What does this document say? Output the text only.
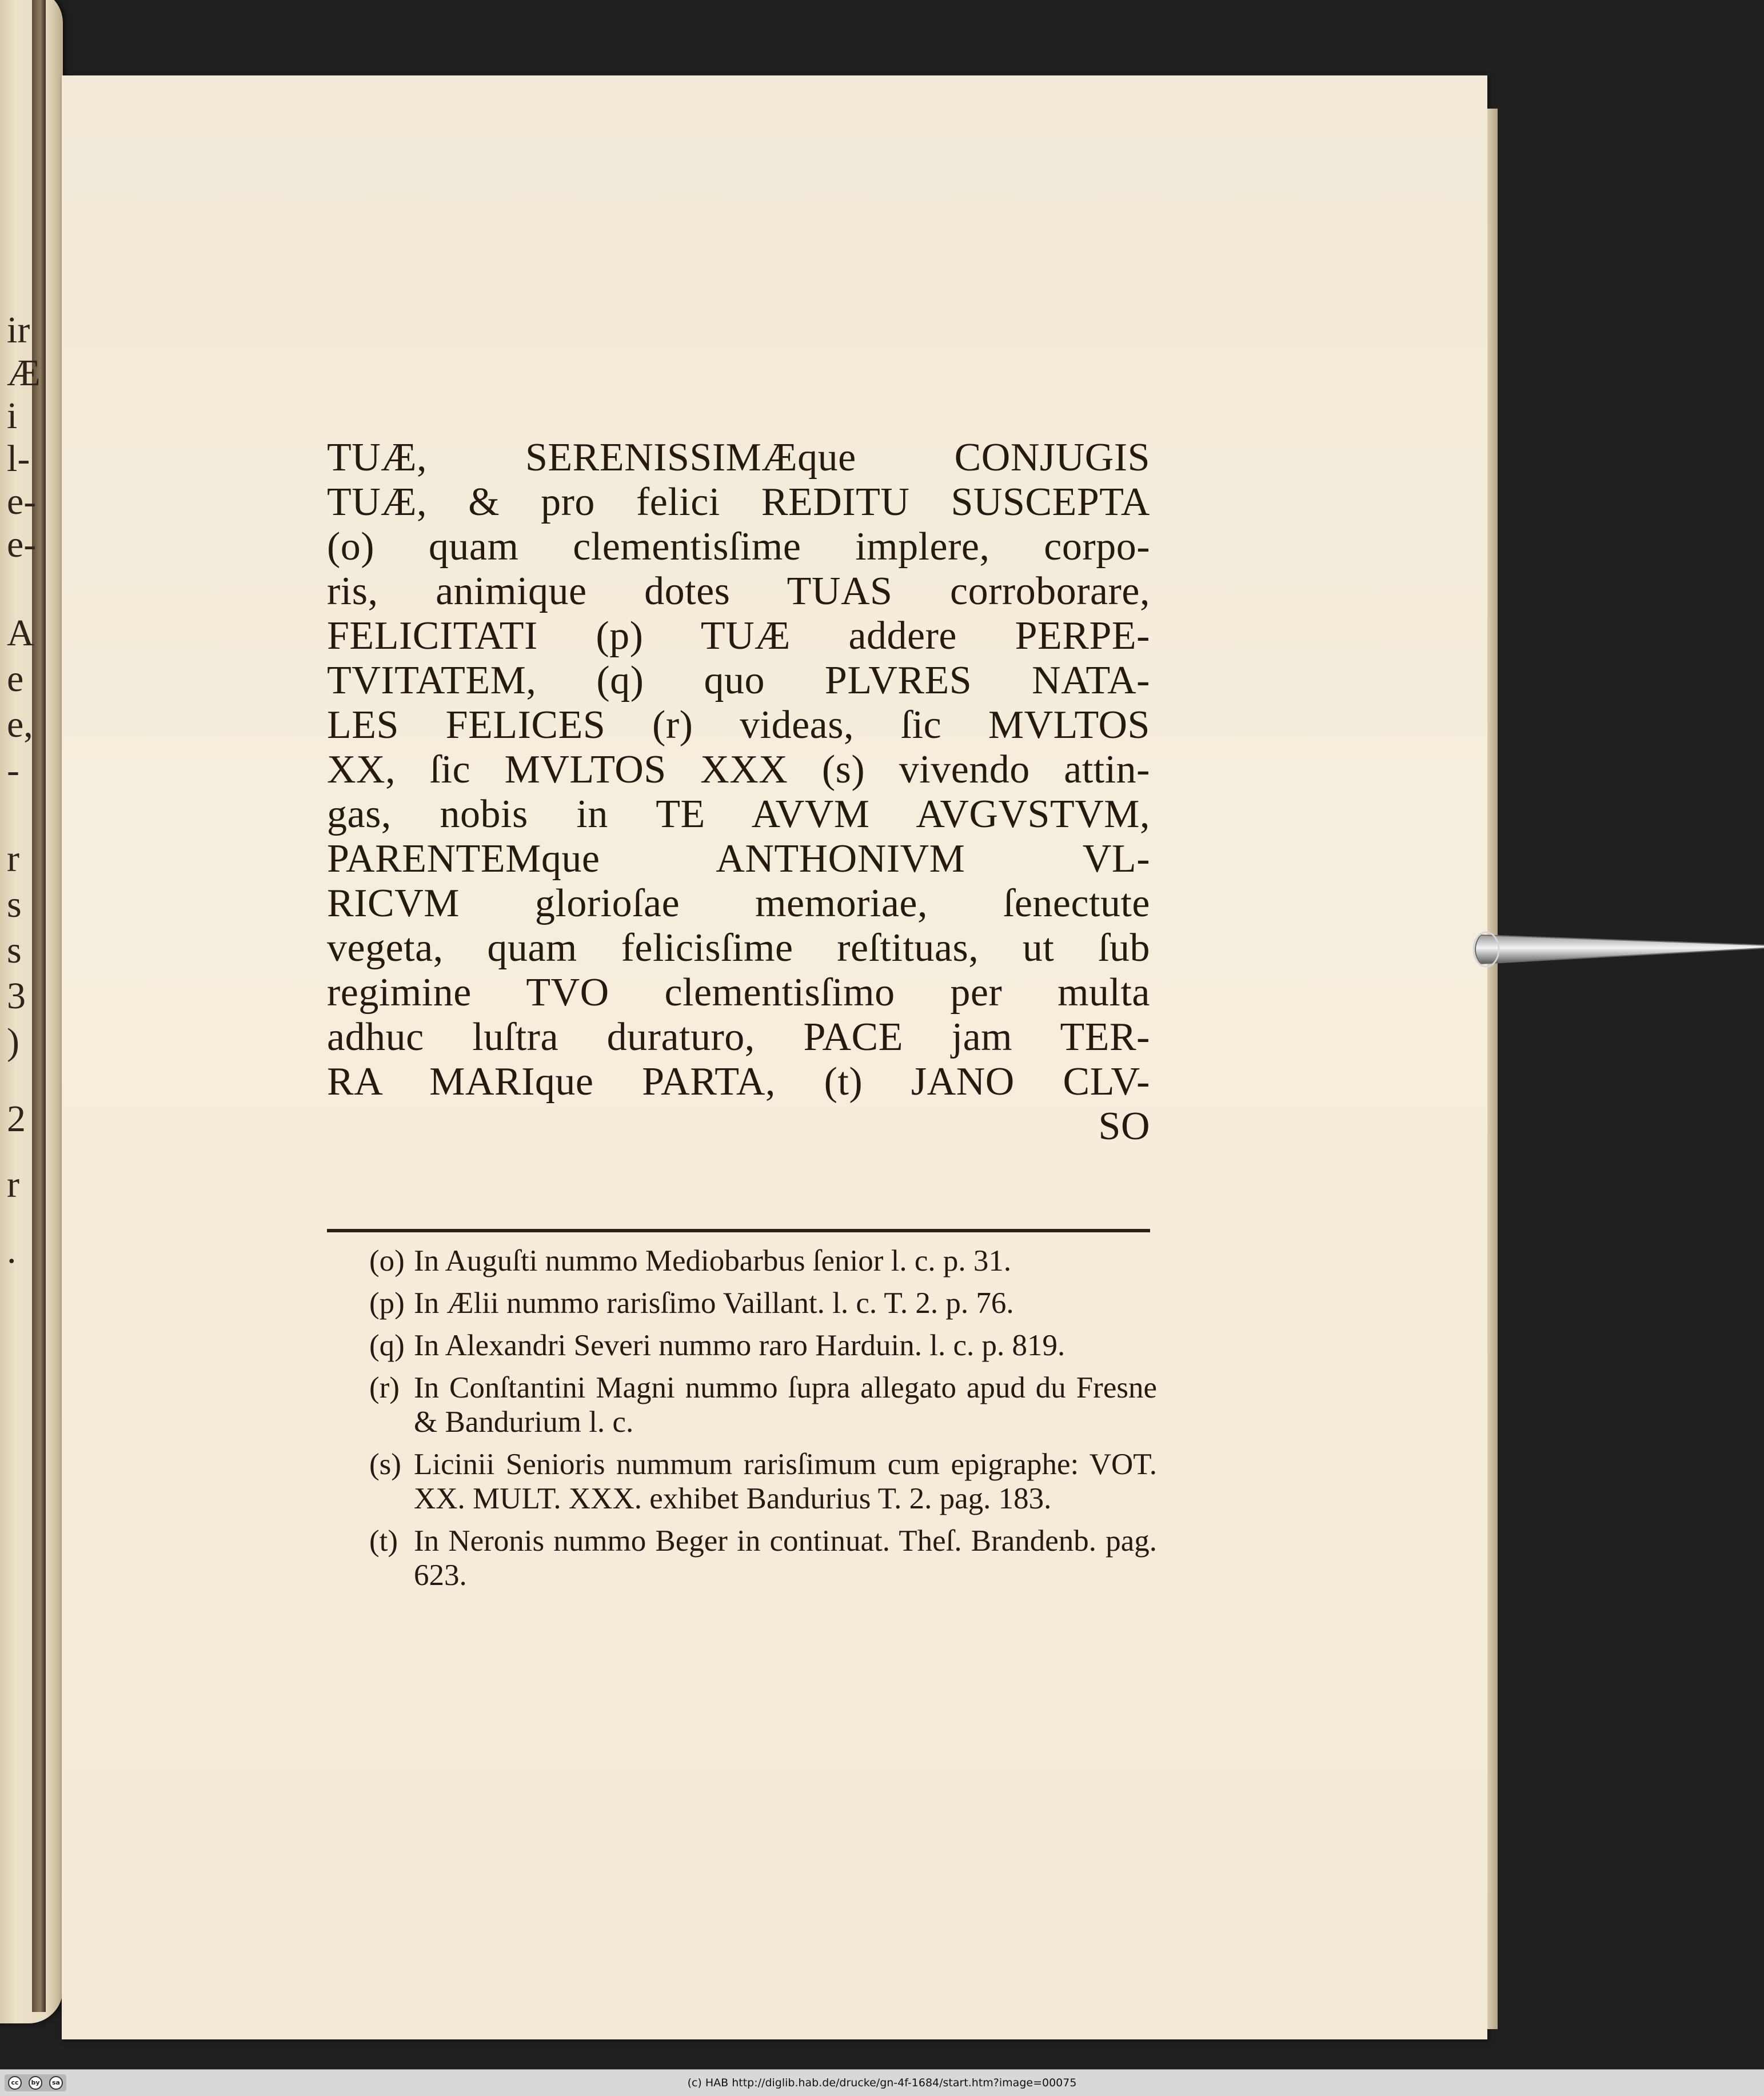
ir
Æ
i
l-
e-
e-
A
e
e,
-
r
s
s
3
)
2
r
.
TUÆ, SERENISSIMÆque CONJUGIS
TUÆ, & pro felici REDITU SUSCEPTA
(o) quam clementisſime implere, corpo-
ris, animique dotes TUAS corroborare,
FELICITATI (p) TUÆ addere PERPE-
TVITATEM, (q) quo PLVRES NATA-
LES FELICES (r) videas, ſic MVLTOS
XX, ſic MVLTOS XXX (s) vivendo attin-
gas, nobis in TE AVVM AVGVSTVM,
PARENTEMque ANTHONIVM VL-
RICVM glorioſae memoriae, ſenectute
vegeta, quam felicisſime reſtituas, ut ſub
regimine TVO clementisſimo per multa
adhuc luſtra duraturo, PACE jam TER-
RA MARIque PARTA, (t) JANO CLV-
SO
(o) In Auguſti nummo Mediobarbus ſenior l. c. p. 31.
(p) In Ælii nummo rarisſimo Vaillant. l. c. T. 2. p. 76.
(q) In Alexandri Severi nummo raro Harduin. l. c. p. 819.
(r) In Conſtantini Magni nummo ſupra allegato apud du Fresne & Bandurium l. c.
(s) Licinii Senioris nummum rarisſimum cum epigraphe: VOT. XX. MULT. XXX. exhibet Bandurius T. 2. pag. 183.
(t) In Neronis nummo Beger in continuat. Theſ. Brandenb. pag. 623.
cc	by	sa	(c) HAB http://diglib.hab.de/drucke/gn-4f-1684/start.htm?image=00075
